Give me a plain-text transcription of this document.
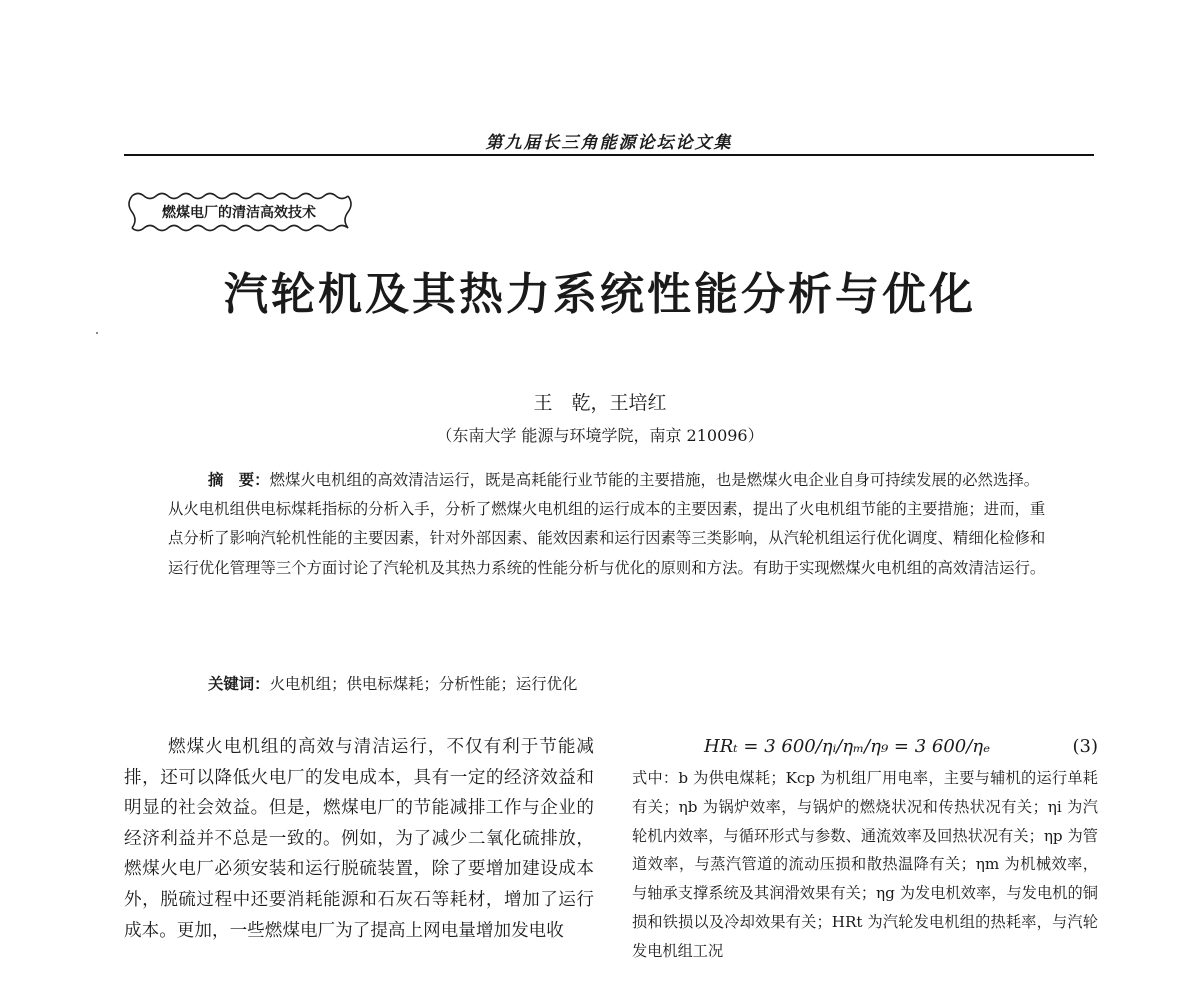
第九届长三角能源论坛论文集
燃煤电厂的清洁高效技术
汽轮机及其热力系统性能分析与优化
王　乾，王培红
（东南大学 能源与环境学院，南京 210096）

摘　要：燃煤火电机组的高效清洁运行，既是高耗能行业节能的主要措施，也是燃煤火电企业自身可持续发展的必然选择。从火电机组供电标煤耗指标的分析入手，分析了燃煤火电机组的运行成本的主要因素，提出了火电机组节能的主要措施；进而，重点分析了影响汽轮机性能的主要因素，针对外部因素、能效因素和运行因素等三类影响，从汽轮机组运行优化调度、精细化检修和运行优化管理等三个方面讨论了汽轮机及其热力系统的性能分析与优化的原则和方法。有助于实现燃煤火电机组的高效清洁运行。

关键词：火电机组；供电标煤耗；分析性能；运行优化

燃煤火电机组的高效与清洁运行，不仅有利于节能减排，还可以降低火电厂的发电成本，具有一定的经济效益和明显的社会效益。但是，燃煤电厂的节能减排工作与企业的经济利益并不总是一致的。例如，为了减少二氧化硫排放，燃煤火电厂必须安装和运行脱硫装置，除了要增加建设成本外，脱硫过程中还要消耗能源和石灰石等耗材，增加了运行成本。更加，一些燃煤电厂为了提高上网电量增加发电收

HRₜ = 3 600/ηᵢ/ηₘ/η₉ = 3 600/ηₑ	(3)

式中：b 为供电煤耗；Kcp 为机组厂用电率，主要与辅机的运行单耗有关；ηb 为锅炉效率，与锅炉的燃烧状况和传热状况有关；ηi 为汽轮机内效率，与循环形式与参数、通流效率及回热状况有关；ηp 为管道效率，与蒸汽管道的流动压损和散热温降有关；ηm 为机械效率，与轴承支撑系统及其润滑效果有关；ηg 为发电机效率，与发电机的铜损和铁损以及冷却效果有关；HRt 为汽轮发电机组的热耗率，与汽轮发电机组工况
